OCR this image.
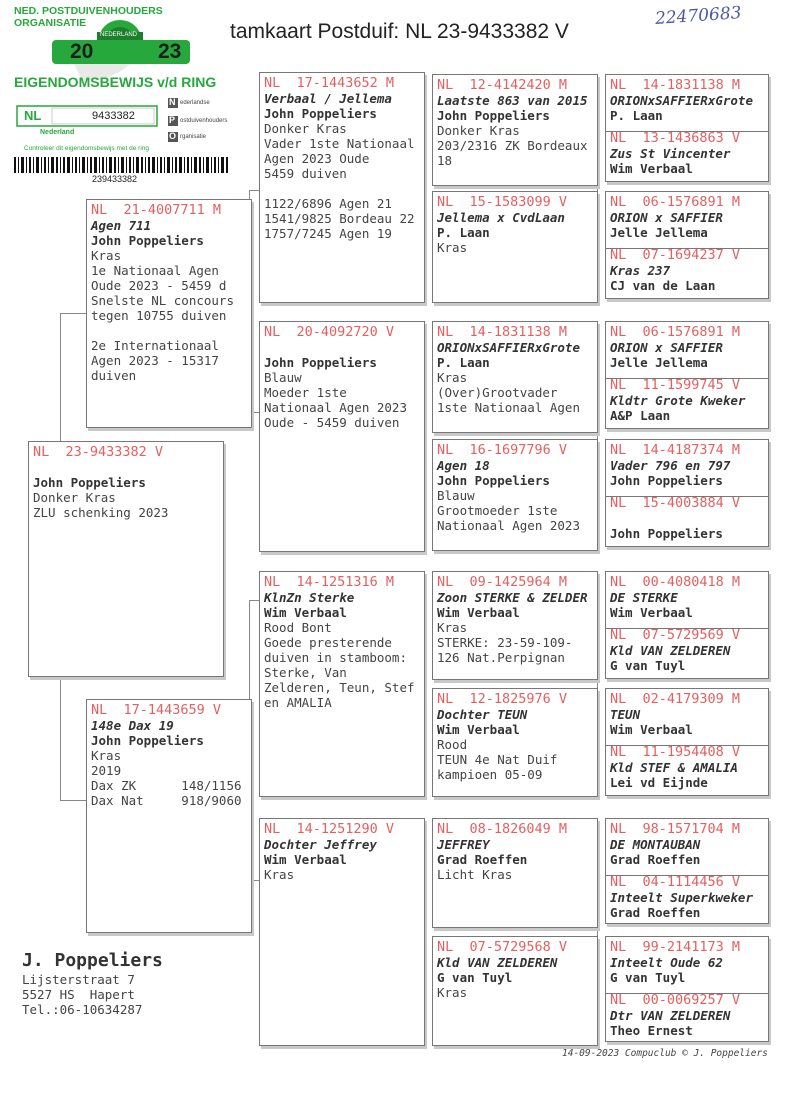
NED. POSTDUIVENHOUDERS ORGANISATIE
20	23
NEDERLAND
EIGENDOMSBEWIJS v/d RING
NL	9433382
Nederland
N
P
O
ederlandse
ostduivenhouders
rganisatie
Controleer dit eigendomsbewijs met de ring
239433382
tamkaart Postduif: NL 23-9433382 V
22470683
NL  23-9433382 V
John Poppeliers
Donker Kras
ZLU schenking 2023
NL  21-4007711 M
Agen 711
John Poppeliers
Kras
1e Nationaal Agen
Oude 2023 - 5459 d
Snelste NL concours
tegen 10755 duiven
2e Internationaal
Agen 2023 - 15317
duiven
NL  17-1443659 V
148e Dax 19
John Poppeliers
Kras
2019
Dax ZK      148/1156
Dax Nat     918/9060
NL  17-1443652 M
Verbaal / Jellema
John Poppeliers
Donker Kras
Vader 1ste Nationaal
Agen 2023 Oude
5459 duiven
1122/6896 Agen 21
1541/9825 Bordeau 22
1757/7245 Agen 19
NL  20-4092720 V
John Poppeliers
Blauw
Moeder 1ste
Nationaal Agen 2023
Oude - 5459 duiven
NL  14-1251316 M
KlnZn Sterke
Wim Verbaal
Rood Bont
Goede presterende
duiven in stamboom:
Sterke, Van
Zelderen, Teun, Stef
en AMALIA
NL  14-1251290 V
Dochter Jeffrey
Wim Verbaal
Kras
NL  12-4142420 M
Laatste 863 van 2015
John Poppeliers
Donker Kras
203/2316 ZK Bordeaux
18
NL  15-1583099 V
Jellema x CvdLaan
P. Laan
Kras
NL  14-1831138 M
ORIONxSAFFIERxGrote
P. Laan
Kras
(Over)Grootvader
1ste Nationaal Agen
NL  16-1697796 V
Agen 18
John Poppeliers
Blauw
Grootmoeder 1ste
Nationaal Agen 2023
NL  09-1425964 M
Zoon STERKE & ZELDER
Wim Verbaal
Kras
STERKE: 23-59-109-
126 Nat.Perpignan
NL  12-1825976 V
Dochter TEUN
Wim Verbaal
Rood
TEUN 4e Nat Duif
kampioen 05-09
NL  08-1826049 M
JEFFREY
Grad Roeffen
Licht Kras
NL  07-5729568 V
Kld VAN ZELDEREN
G van Tuyl
Kras
NL  14-1831138 M
ORIONxSAFFIERxGrote
P. Laan
NL  13-1436863 V
Zus St Vincenter
Wim Verbaal
NL  06-1576891 M
ORION x SAFFIER
Jelle Jellema
NL  07-1694237 V
Kras 237
CJ van de Laan
NL  06-1576891 M
ORION x SAFFIER
Jelle Jellema
NL  11-1599745 V
Kldtr Grote Kweker
A&P Laan
NL  14-4187374 M
Vader 796 en 797
John Poppeliers
NL  15-4003884 V
John Poppeliers
NL  00-4080418 M
DE STERKE
Wim Verbaal
NL  07-5729569 V
Kld VAN ZELDEREN
G van Tuyl
NL  02-4179309 M
TEUN
Wim Verbaal
NL  11-1954408 V
Kld STEF & AMALIA
Lei vd Eijnde
NL  98-1571704 M
DE MONTAUBAN
Grad Roeffen
NL  04-1114456 V
Inteelt Superkweker
Grad Roeffen
NL  99-2141173 M
Inteelt Oude 62
G van Tuyl
NL  00-0069257 V
Dtr VAN ZELDEREN
Theo Ernest
J. Poppeliers
Lijsterstraat 7
5527 HS  Hapert
Tel.:06-10634287
14-09-2023 Compuclub © J. Poppeliers
